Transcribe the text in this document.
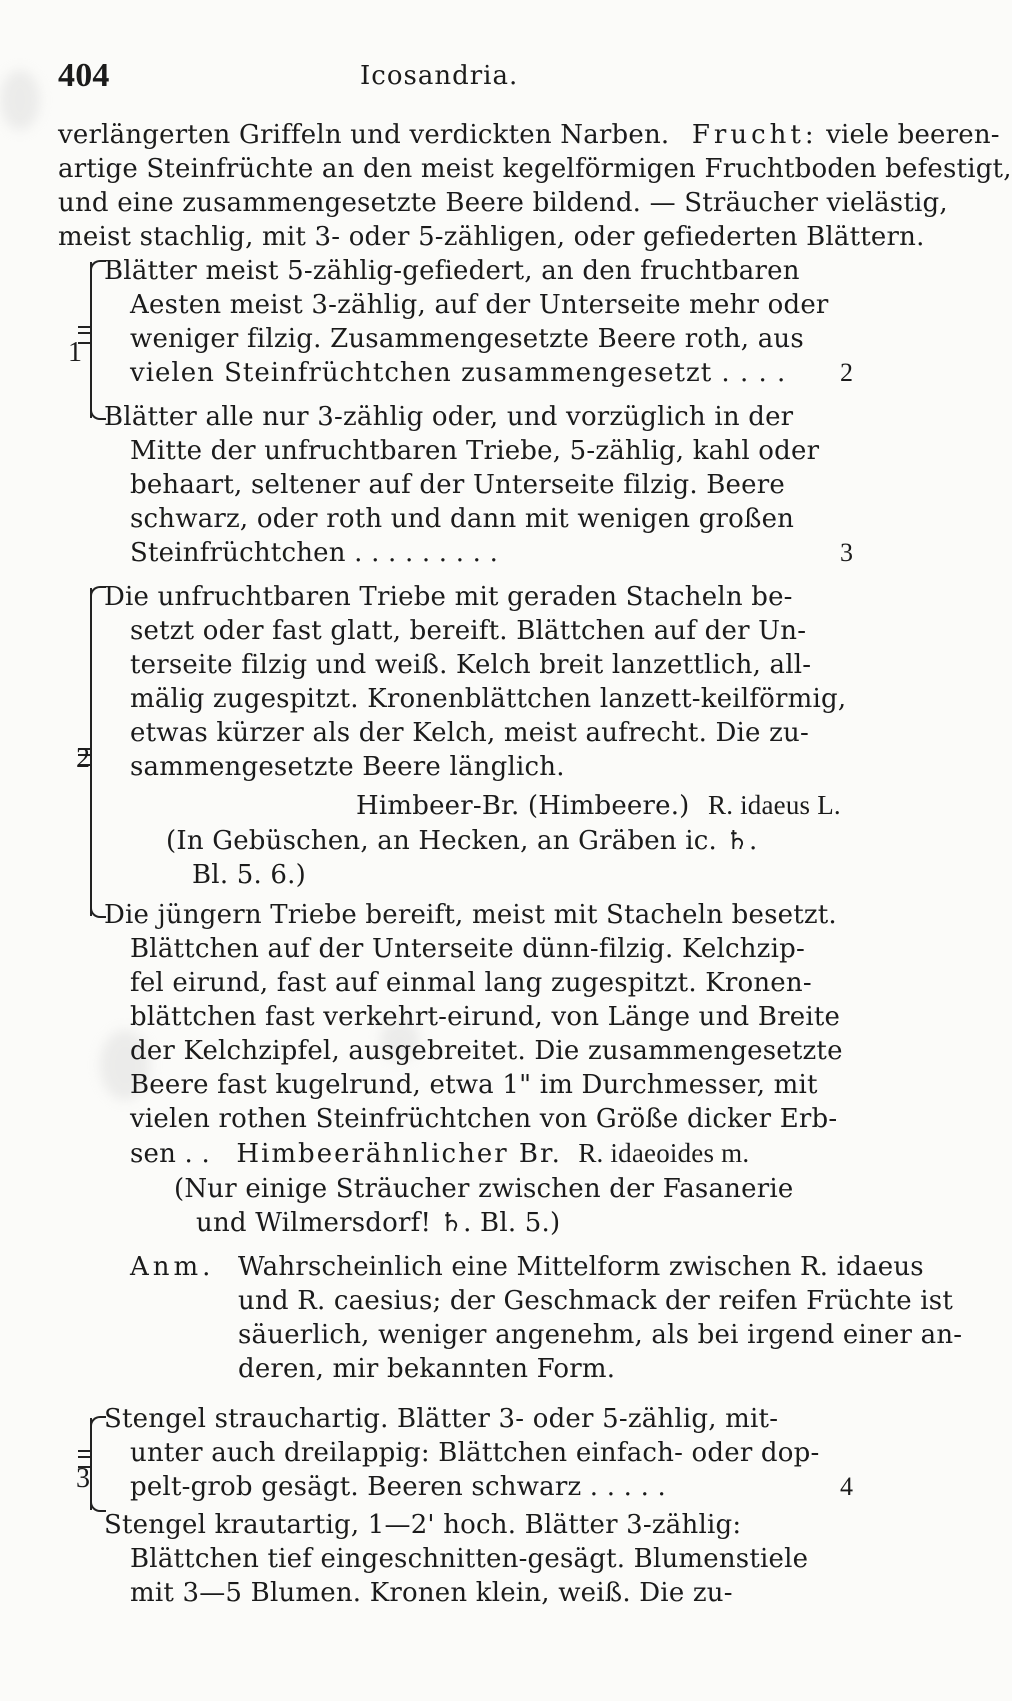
404	Icosandria.
verlängerten Griffeln und verdickten Narben. Frucht: viele beeren-
artige Steinfrüchte an den meist kegelförmigen Fruchtboden befestigt,
und eine zusammengesetzte Beere bildend. — Sträucher vielästig,
meist stachlig, mit 3- oder 5-zähligen, oder gefiederten Blättern.
1
Blätter meist 5-zählig-gefiedert, an den fruchtbaren
Aesten meist 3-zählig, auf der Unterseite mehr oder
weniger filzig. Zusammengesetzte Beere roth, aus
vielen Steinfrüchtchen zusammengesetzt . . . . 2
Blätter alle nur 3-zählig oder, und vorzüglich in der
Mitte der unfruchtbaren Triebe, 5-zählig, kahl oder
behaart, seltener auf der Unterseite filzig. Beere
schwarz, oder roth und dann mit wenigen großen
Steinfrüchtchen . . . . . . . . .	3
2
Die unfruchtbaren Triebe mit geraden Stacheln be-
setzt oder fast glatt, bereift. Blättchen auf der Un-
terseite filzig und weiß. Kelch breit lanzettlich, all-
mälig zugespitzt. Kronenblättchen lanzett-keilförmig,
etwas kürzer als der Kelch, meist aufrecht. Die zu-
sammengesetzte Beere länglich.
Himbeer-Br. (Himbeere.) R. idaeus L.
(In Gebüschen, an Hecken, an Gräben ic. ♄.
Bl. 5. 6.)
Die jüngern Triebe bereift, meist mit Stacheln besetzt.
Blättchen auf der Unterseite dünn-filzig. Kelchzip-
fel eirund, fast auf einmal lang zugespitzt. Kronen-
blättchen fast verkehrt-eirund, von Länge und Breite
der Kelchzipfel, ausgebreitet. Die zusammengesetzte
Beere fast kugelrund, etwa 1" im Durchmesser, mit
vielen rothen Steinfrüchtchen von Größe dicker Erb-
sen . . Himbeerähnlicher Br. R. idaeoides m.
(Nur einige Sträucher zwischen der Fasanerie
und Wilmersdorf! ♄. Bl. 5.)
Anm. Wahrscheinlich eine Mittelform zwischen R. idaeus
und R. caesius; der Geschmack der reifen Früchte ist
säuerlich, weniger angenehm, als bei irgend einer an-
deren, mir bekannten Form.
3
Stengel strauchartig. Blätter 3- oder 5-zählig, mit-
unter auch dreilappig: Blättchen einfach- oder dop-
pelt-grob gesägt. Beeren schwarz . . . . .	4
Stengel krautartig, 1—2' hoch. Blätter 3-zählig:
Blättchen tief eingeschnitten-gesägt. Blumenstiele
mit 3—5 Blumen. Kronen klein, weiß. Die zu-
